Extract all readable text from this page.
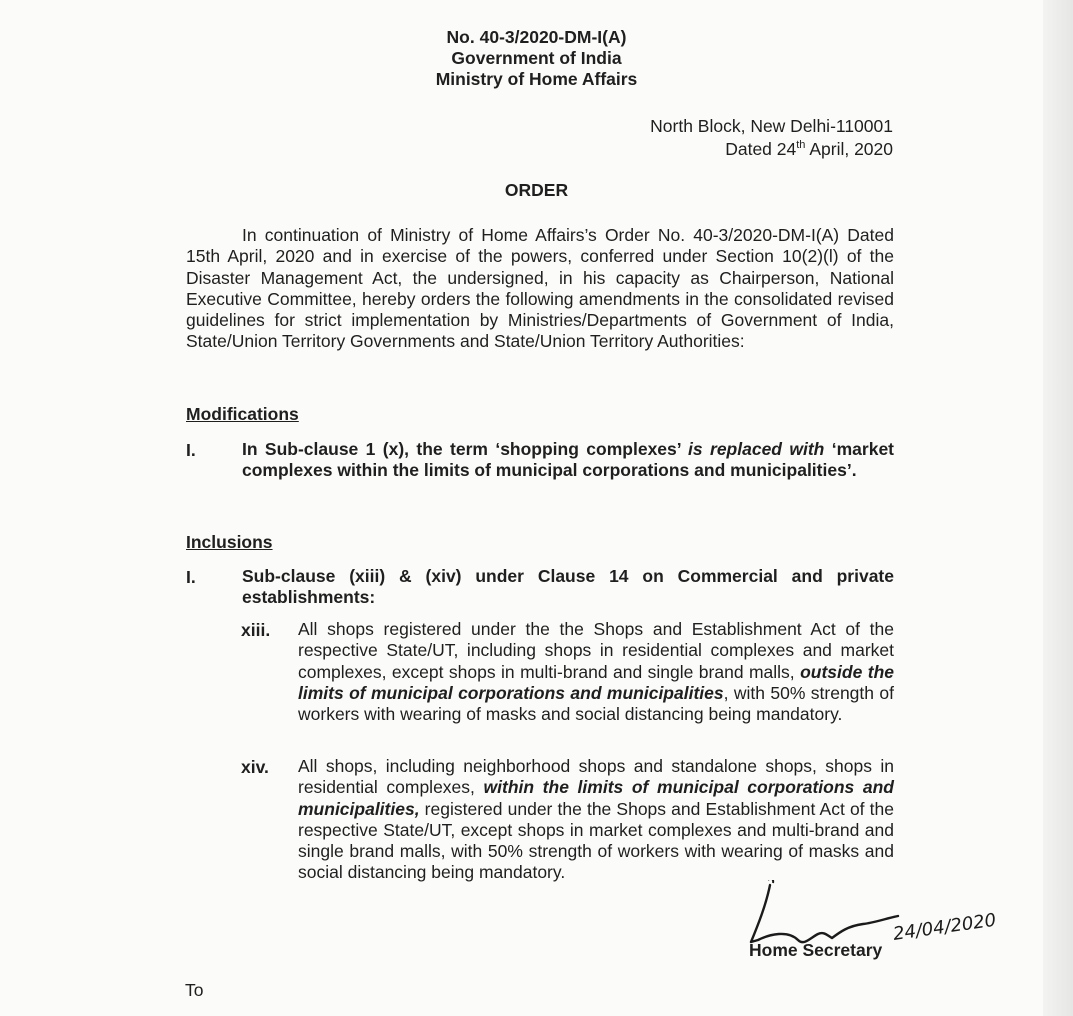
No. 40-3/2020-DM-I(A)
Government of India
Ministry of Home Affairs
North Block, New Delhi-110001
Dated 24th April, 2020
ORDER

In continuation of Ministry of Home Affairs’s Order No. 40-3/2020-DM-I(A) Dated 15th April, 2020 and in exercise of the powers, conferred under Section 10(2)(l) of the Disaster Management Act, the undersigned, in his capacity as Chairperson, National Executive Committee, hereby orders the following amendments in the consolidated revised guidelines for strict implementation by Ministries/Departments of Government of India, State/Union Territory Governments and State/Union Territory Authorities:

Modifications
I.	In Sub-clause 1 (x), the term ‘shopping complexes’ is replaced with ‘market complexes within the limits of municipal corporations and municipalities’.

Inclusions
I.	Sub-clause (xiii) & (xiv) under Clause 14 on Commercial and private establishments:

xiii. All shops registered under the the Shops and Establishment Act of the respective State/UT, including shops in residential complexes and market complexes, except shops in multi-brand and single brand malls, outside the limits of municipal corporations and municipalities, with 50% strength of workers with wearing of masks and social distancing being mandatory.

xiv. All shops, including neighborhood shops and standalone shops, shops in residential complexes, within the limits of municipal corporations and municipalities, registered under the the Shops and Establishment Act of the respective State/UT, except shops in market complexes and multi-brand and single brand malls, with 50% strength of workers with wearing of masks and social distancing being mandatory.

24/04/2020
Home Secretary
To
